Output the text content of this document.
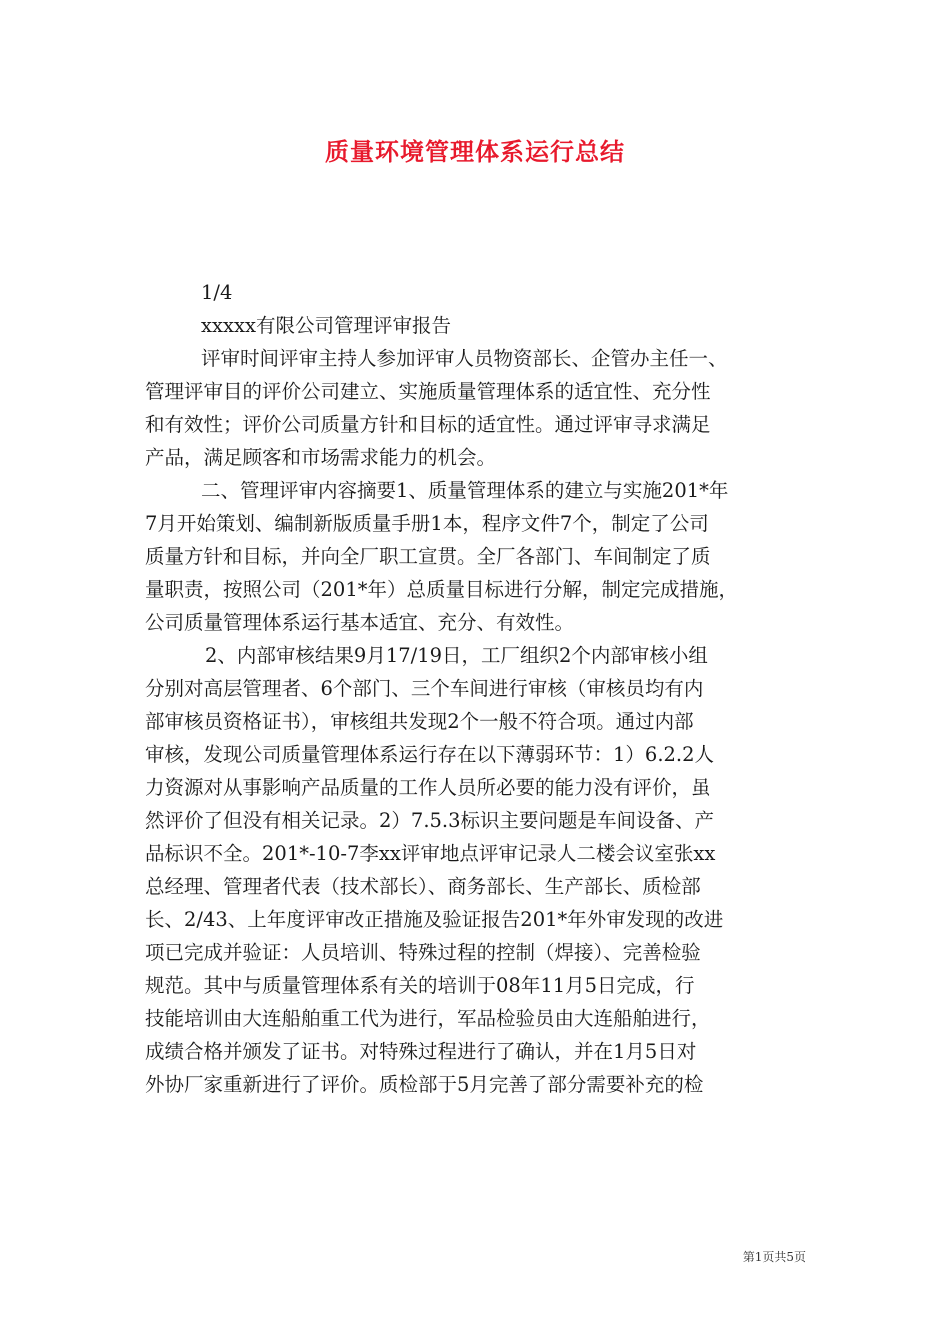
质量环境管理体系运行总结
1/4
xxxxx有限公司管理评审报告
评审时间评审主持人参加评审人员物资部长、企管办主任一、
管理评审目的评价公司建立、实施质量管理体系的适宜性、充分性
和有效性；评价公司质量方针和目标的适宜性。通过评审寻求满足
产品，满足顾客和市场需求能力的机会。
二、管理评审内容摘要1、质量管理体系的建立与实施201*年
7月开始策划、编制新版质量手册1本，程序文件7个，制定了公司
质量方针和目标，并向全厂职工宣贯。全厂各部门、车间制定了质
量职责，按照公司（201*年）总质量目标进行分解，制定完成措施，
公司质量管理体系运行基本适宜、充分、有效性。
2、内部审核结果9月17/19日，工厂组织2个内部审核小组
分别对高层管理者、6个部门、三个车间进行审核（审核员均有内
部审核员资格证书），审核组共发现2个一般不符合项。通过内部
审核，发现公司质量管理体系运行存在以下薄弱环节：1）6.2.2人
力资源对从事影响产品质量的工作人员所必要的能力没有评价，虽
然评价了但没有相关记录。2）7.5.3标识主要问题是车间设备、产
品标识不全。201*-10-7李xx评审地点评审记录人二楼会议室张xx
总经理、管理者代表（技术部长）、商务部长、生产部长、质检部
长、2/43、上年度评审改正措施及验证报告201*年外审发现的改进
项已完成并验证：人员培训、特殊过程的控制（焊接）、完善检验
规范。其中与质量管理体系有关的培训于08年11月5日完成，行
技能培训由大连船舶重工代为进行，军品检验员由大连船舶进行，
成绩合格并颁发了证书。对特殊过程进行了确认，并在1月5日对
外协厂家重新进行了评价。质检部于5月完善了部分需要补充的检
第1页共5页
